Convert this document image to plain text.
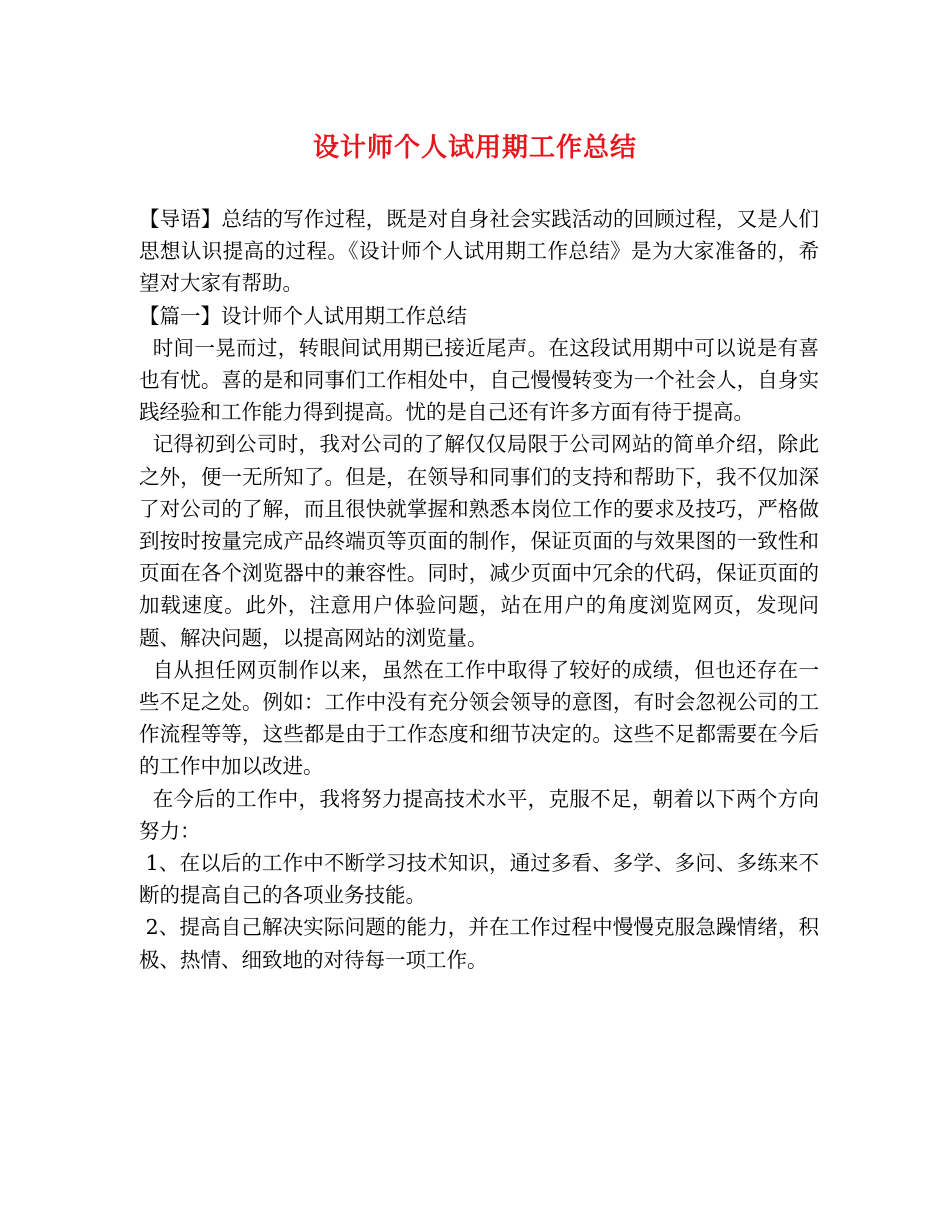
设计师个人试用期工作总结

【导语】总结的写作过程，既是对自身社会实践活动的回顾过程，又是人们思想认识提高的过程。《设计师个人试用期工作总结》是为大家准备的，希望对大家有帮助。

【篇一】设计师个人试用期工作总结

时间一晃而过，转眼间试用期已接近尾声。在这段试用期中可以说是有喜也有忧。喜的是和同事们工作相处中，自己慢慢转变为一个社会人，自身实践经验和工作能力得到提高。忧的是自己还有许多方面有待于提高。

记得初到公司时，我对公司的了解仅仅局限于公司网站的简单介绍，除此之外，便一无所知了。但是，在领导和同事们的支持和帮助下，我不仅加深了对公司的了解，而且很快就掌握和熟悉本岗位工作的要求及技巧，严格做到按时按量完成产品终端页等页面的制作，保证页面的与效果图的一致性和页面在各个浏览器中的兼容性。同时，减少页面中冗余的代码，保证页面的加载速度。此外，注意用户体验问题，站在用户的角度浏览网页，发现问题、解决问题，以提高网站的浏览量。

自从担任网页制作以来，虽然在工作中取得了较好的成绩，但也还存在一些不足之处。例如：工作中没有充分领会领导的意图，有时会忽视公司的工作流程等等，这些都是由于工作态度和细节决定的。这些不足都需要在今后的工作中加以改进。

在今后的工作中，我将努力提高技术水平，克服不足，朝着以下两个方向努力：

1、在以后的工作中不断学习技术知识，通过多看、多学、多问、多练来不断的提高自己的各项业务技能。

2、提高自己解决实际问题的能力，并在工作过程中慢慢克服急躁情绪，积极、热情、细致地的对待每一项工作。
